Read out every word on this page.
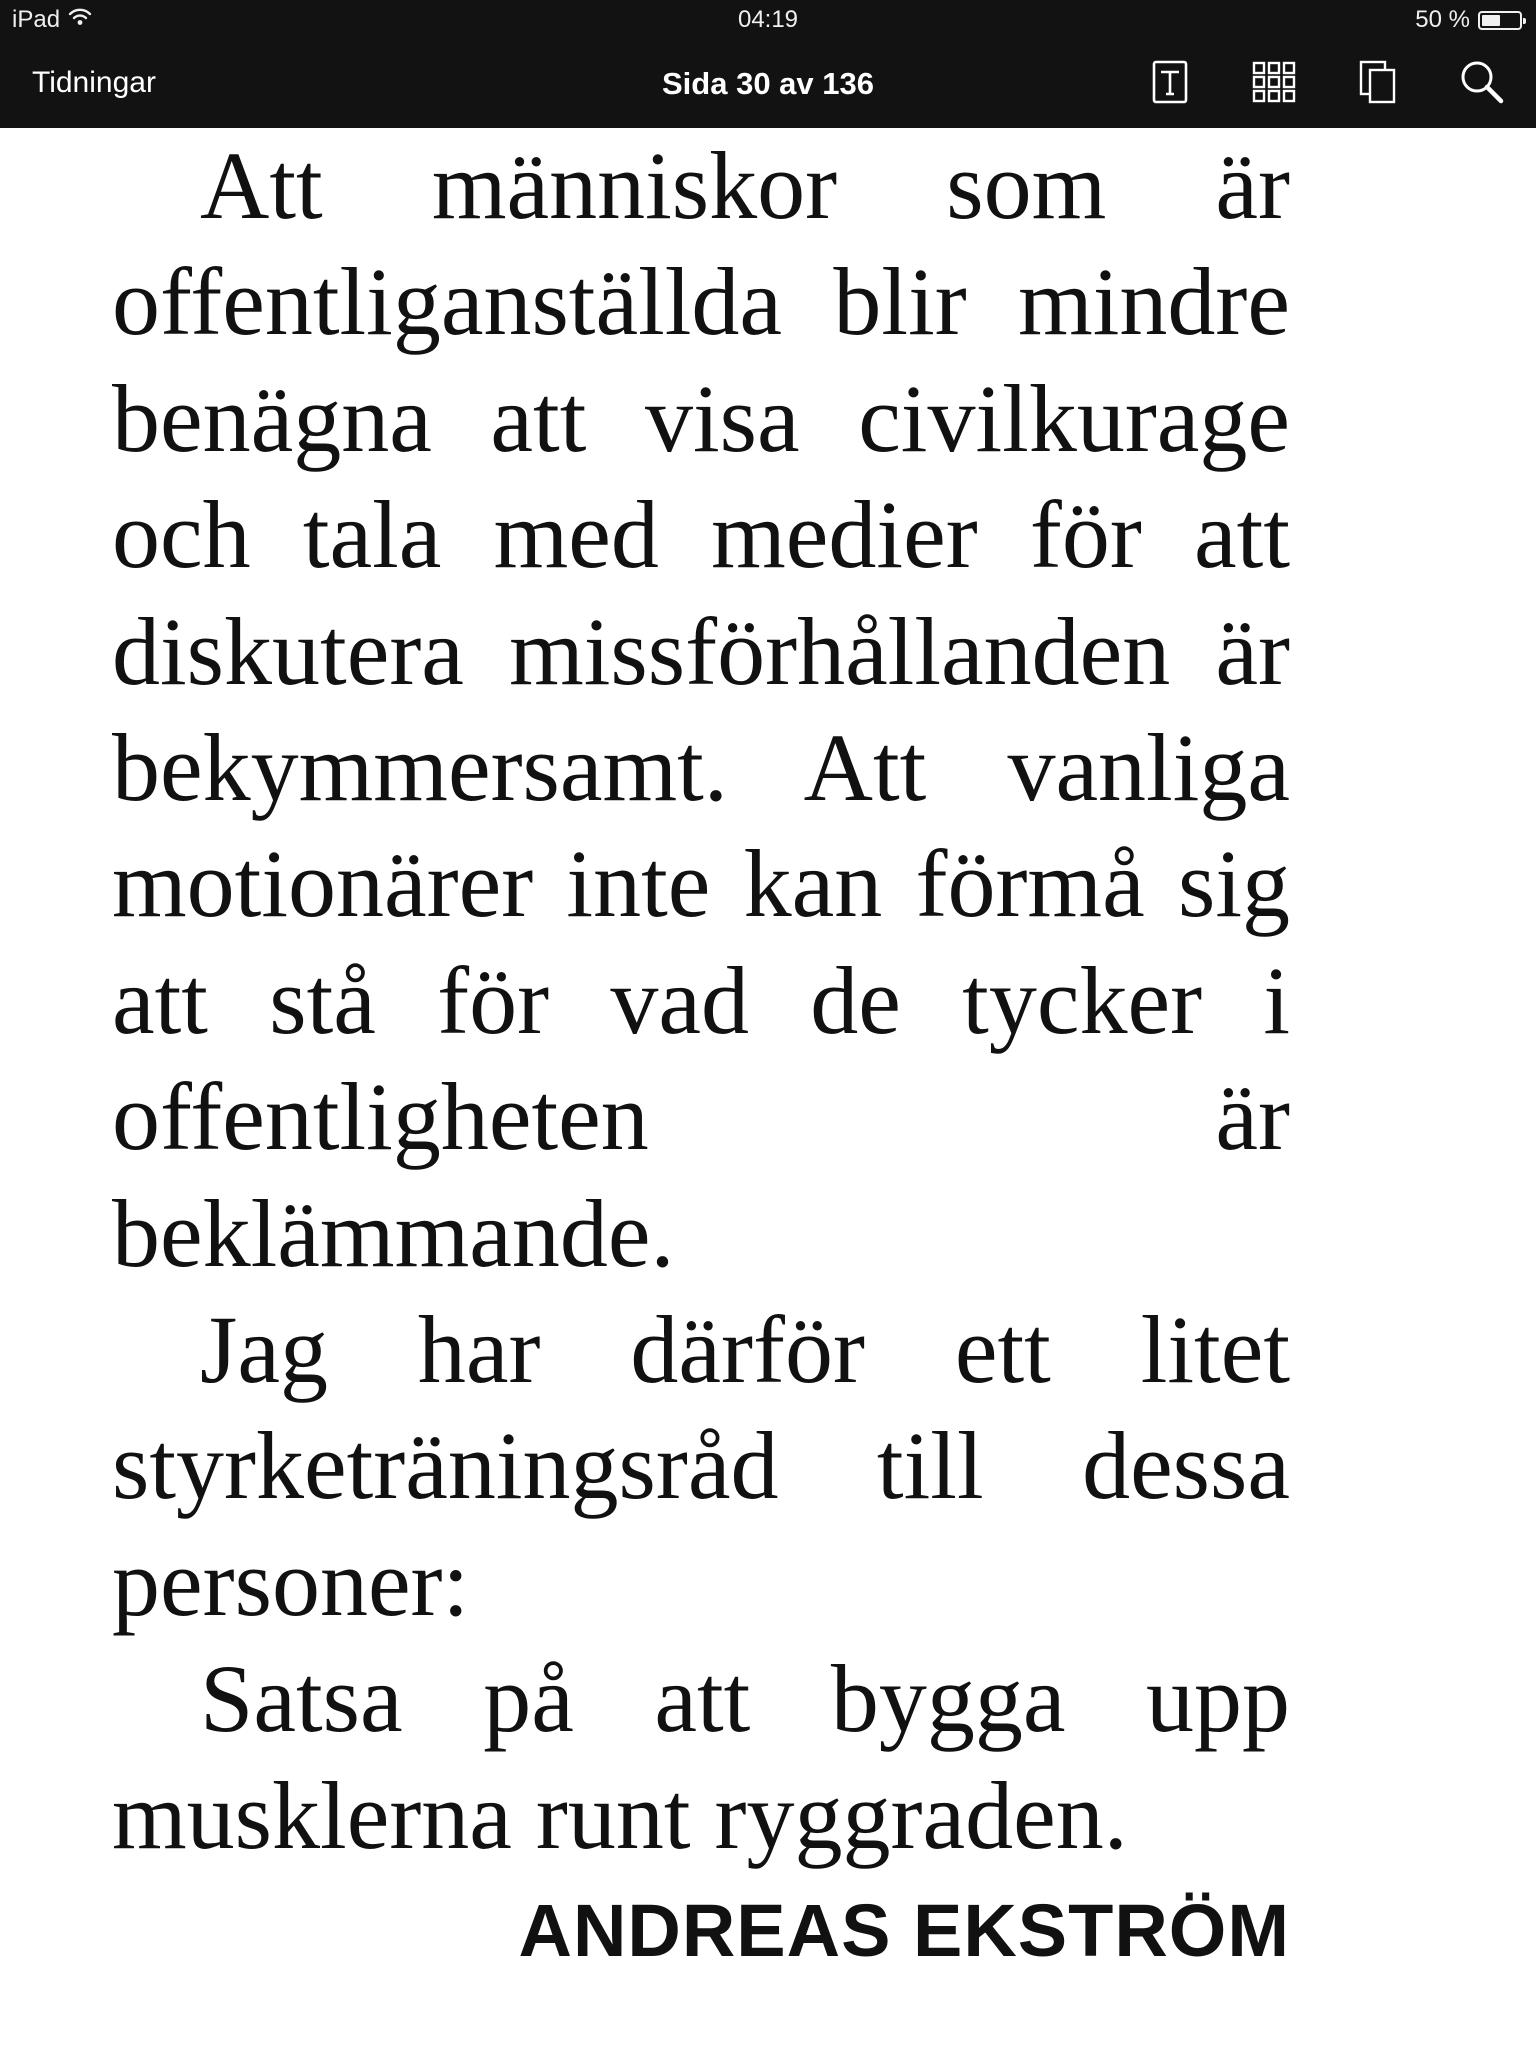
iPad	04:19	50 %
Tidningar	Sida 30 av 136

Att människor som är offentliganställda blir mindre benägna att visa civilkurage och tala med medier för att diskutera missförhållanden är bekymmersamt. Att vanliga motionärer inte kan förmå sig att stå för vad de tycker i offentligheten är beklämmande.

Jag har därför ett litet styrketräningsråd till dessa personer:

Satsa på att bygga upp musklerna runt ryggraden.

ANDREAS EKSTRÖM
